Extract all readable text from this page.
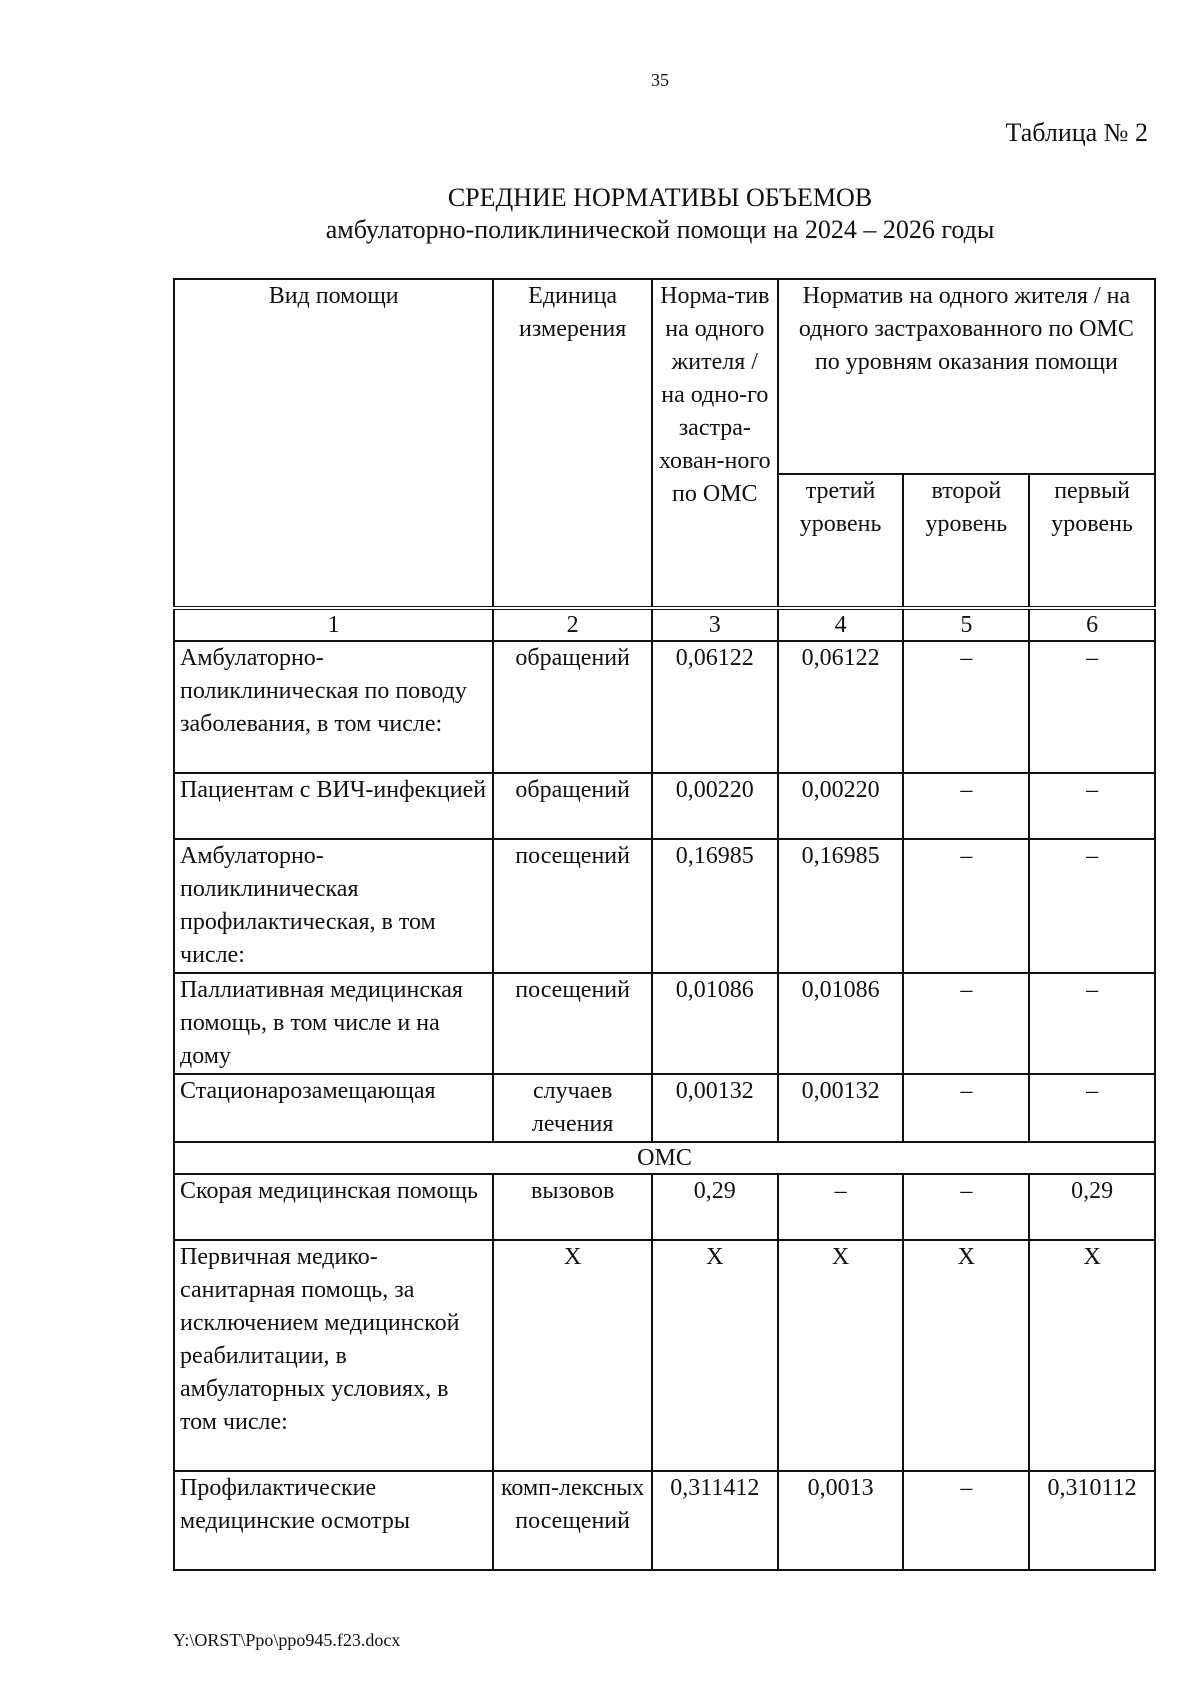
35
Таблица № 2
СРЕДНИЕ НОРМАТИВЫ ОБЪЕМОВ
амбулаторно-поликлинической помощи на 2024 – 2026 годы
Вид помощи	Единица измерения	Норма-тив на одного жителя / на одно-го застра-хован-ного по ОМС	Норматив на одного жителя / на одного застрахованного по ОМС по уровням оказания помощи		
			третий уровень	второй уровень	первый уровень
1	2	3	4	5	6
Амбулаторно-поликлиническая по поводу заболевания, в том числе:	обращений	0,06122	0,06122	–	–
Пациентам с ВИЧ-инфекцией	обращений	0,00220	0,00220	–	–
Амбулаторно-поликлиническая профилактическая, в том числе:	посещений	0,16985	0,16985	–	–
Паллиативная медицинская помощь, в том числе и на дому	посещений	0,01086	0,01086	–	–
Стационарозамещающая	случаев лечения	0,00132	0,00132	–	–
ОМС					
Скорая медицинская помощь	вызовов	0,29	–	–	0,29
Первичная медико-санитарная помощь, за исключением медицинской реабилитации, в амбулаторных условиях, в том числе:	X	X	X	X	X
Профилактические медицинские осмотры	комп-лексных посещений	0,311412	0,0013	–	0,310112
Y:\ORST\Ppo\ppo945.f23.docx
